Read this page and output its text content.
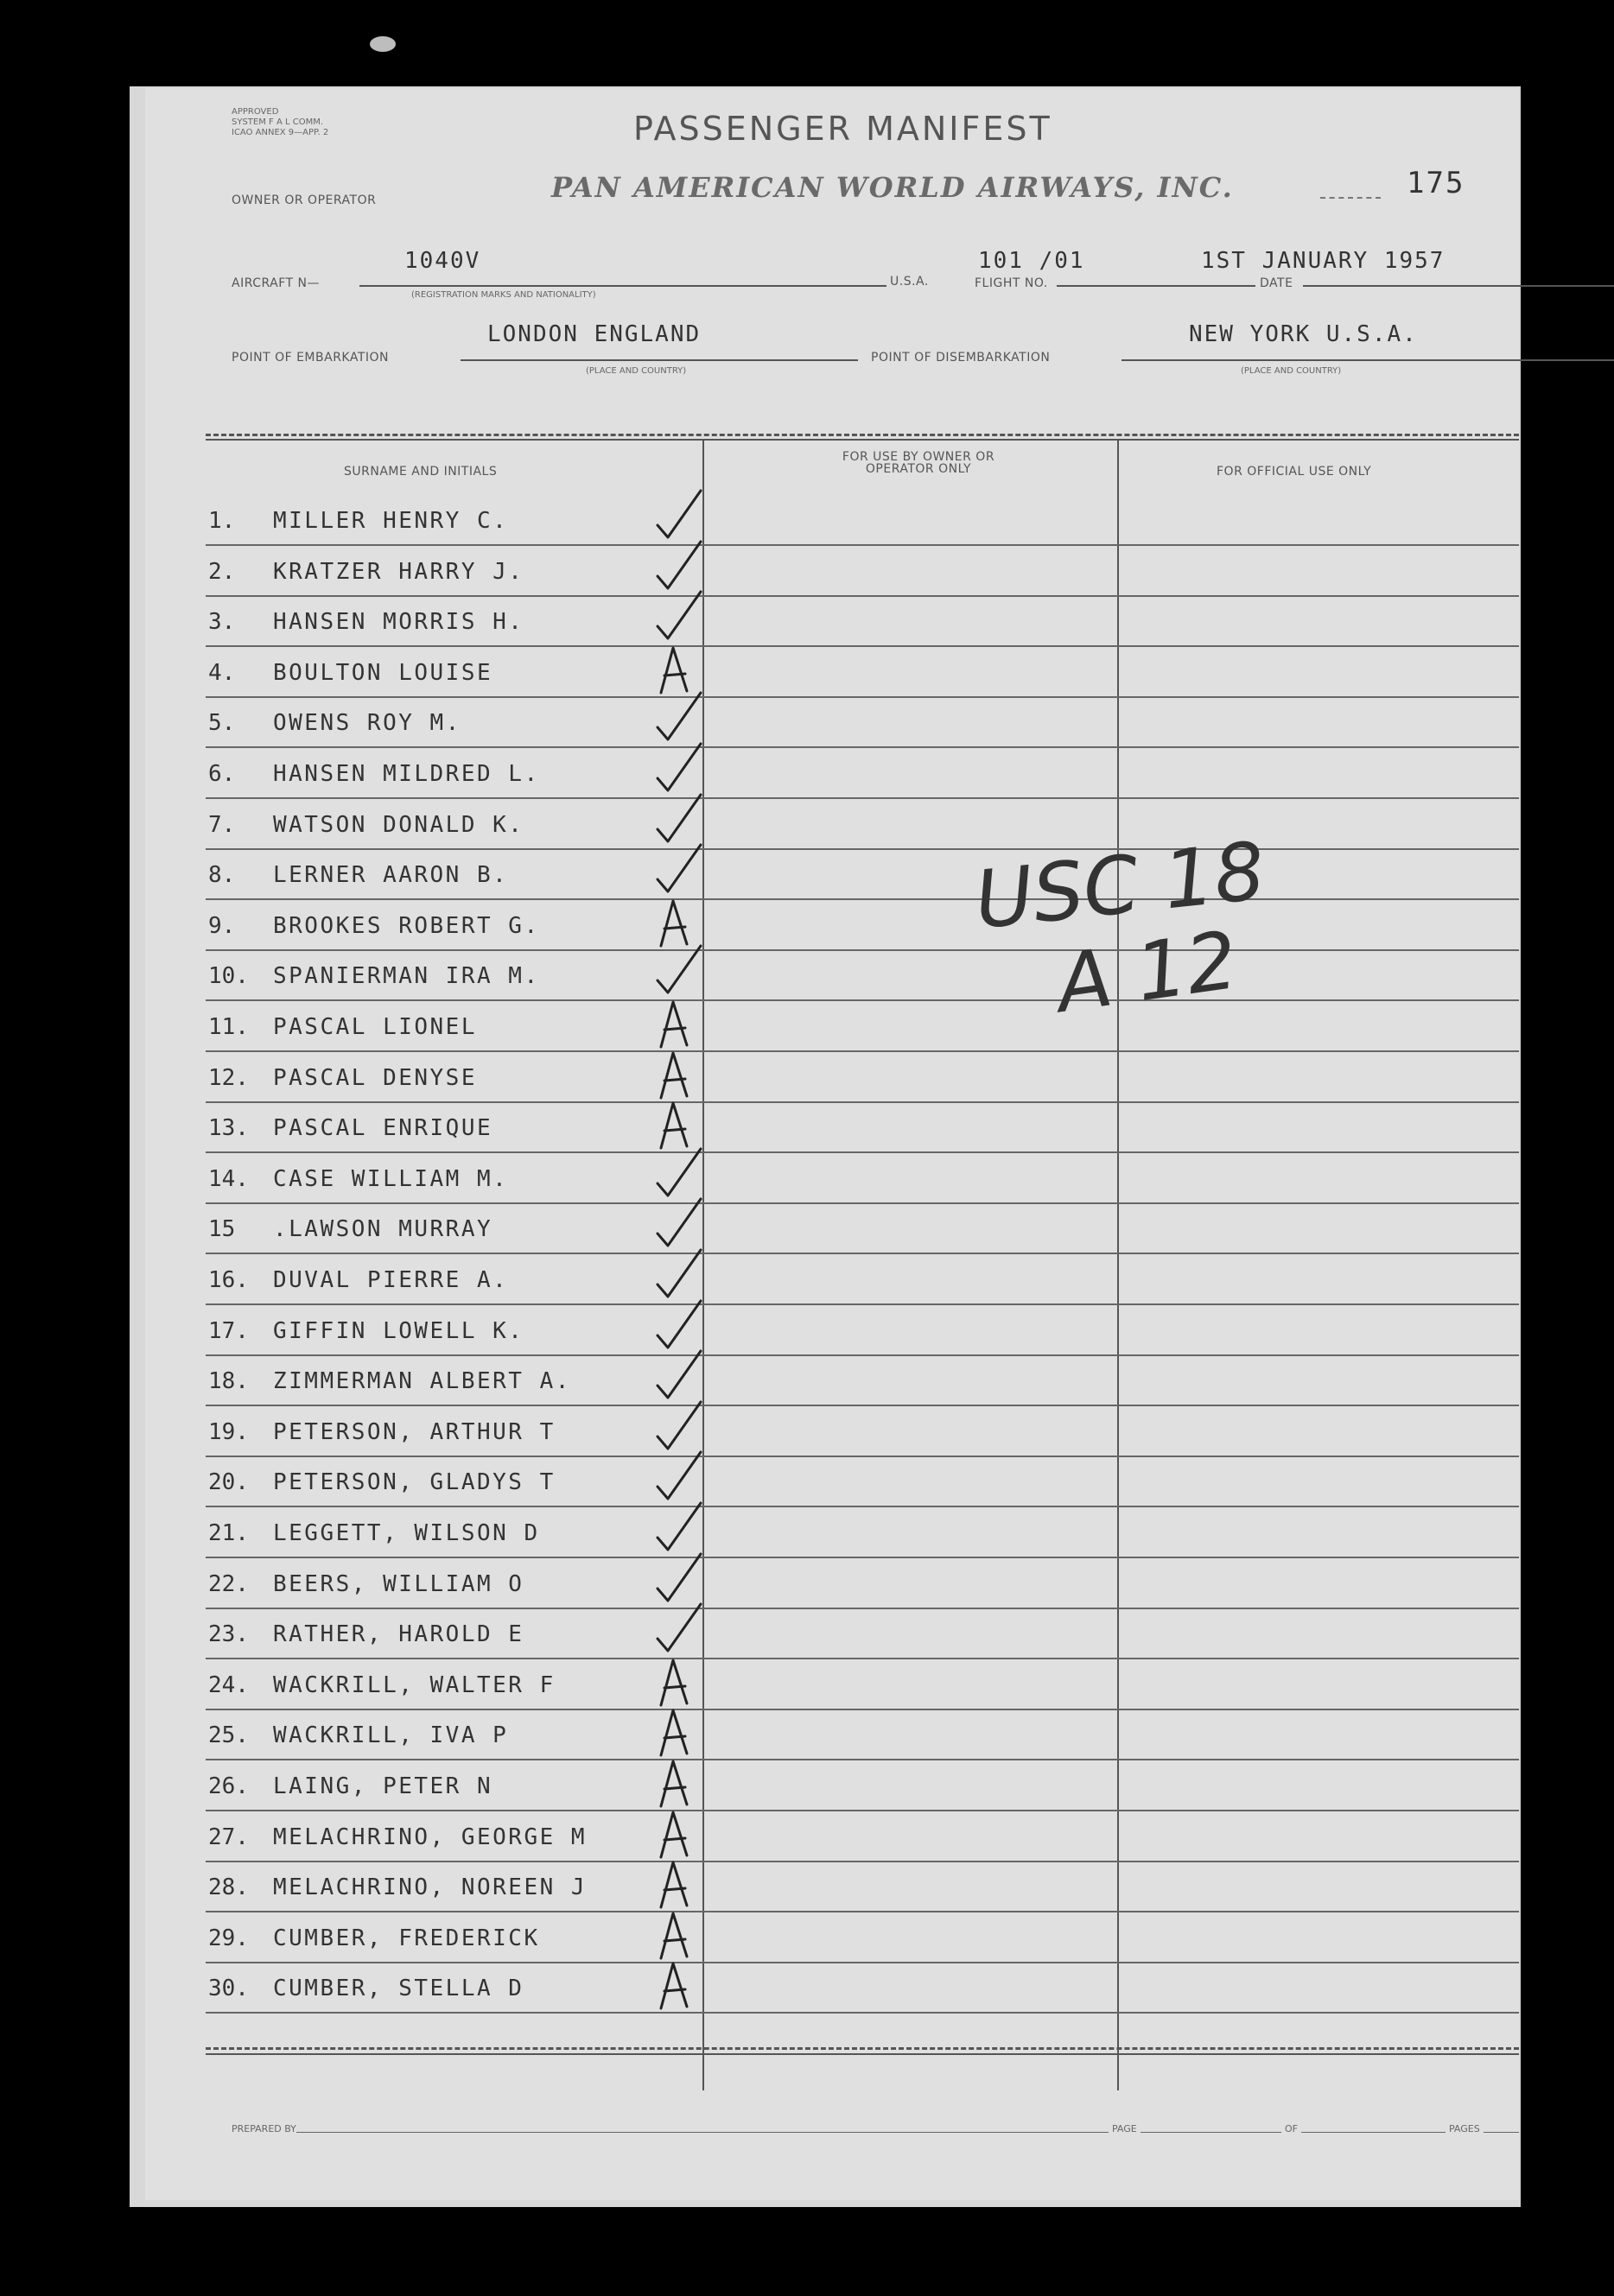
APPROVED
SYSTEM F A L COMM.
ICAO ANNEX 9—APP. 2	PASSENGER MANIFEST
PAN AMERICAN WORLD AIRWAYS, INC.	175
OWNER OR OPERATOR
AIRCRAFT N—
1040V
(REGISTRATION MARKS AND NATIONALITY)
U.S.A.	FLIGHT NO.
101 /01
DATE
1ST JANUARY 1957
POINT OF EMBARKATION
LONDON ENGLAND
(PLACE AND COUNTRY)
POINT OF DISEMBARKATION
NEW YORK U.S.A.
(PLACE AND COUNTRY)
SURNAME AND INITIALS
FOR USE BY OWNER OR OPERATOR ONLY	FOR OFFICIAL USE ONLY
1. MILLER HENRY C.
2. KRATZER HARRY J.
3. HANSEN MORRIS H.
4. BOULTON LOUISE
5. OWENS ROY M.
6. HANSEN MILDRED L.
7. WATSON DONALD K.
8. LERNER AARON B.
9. BROOKES ROBERT G.
10. SPANIERMAN IRA M.
11. PASCAL LIONEL
12. PASCAL DENYSE
13. PASCAL ENRIQUE
14. CASE WILLIAM M.
15 .LAWSON MURRAY
16. DUVAL PIERRE A.
17. GIFFIN LOWELL K.
18. ZIMMERMAN ALBERT A.
19. PETERSON, ARTHUR T
20. PETERSON, GLADYS T
21. LEGGETT, WILSON D
22. BEERS, WILLIAM O
23. RATHER, HAROLD E
24. WACKRILL, WALTER F
25. WACKRILL, IVA P
26. LAING, PETER N
27. MELACHRINO, GEORGE M
28. MELACHRINO, NOREEN J
29. CUMBER, FREDERICK
30. CUMBER, STELLA D
USC 18
A 12
PREPARED BY	PAGE	OF	PAGES
